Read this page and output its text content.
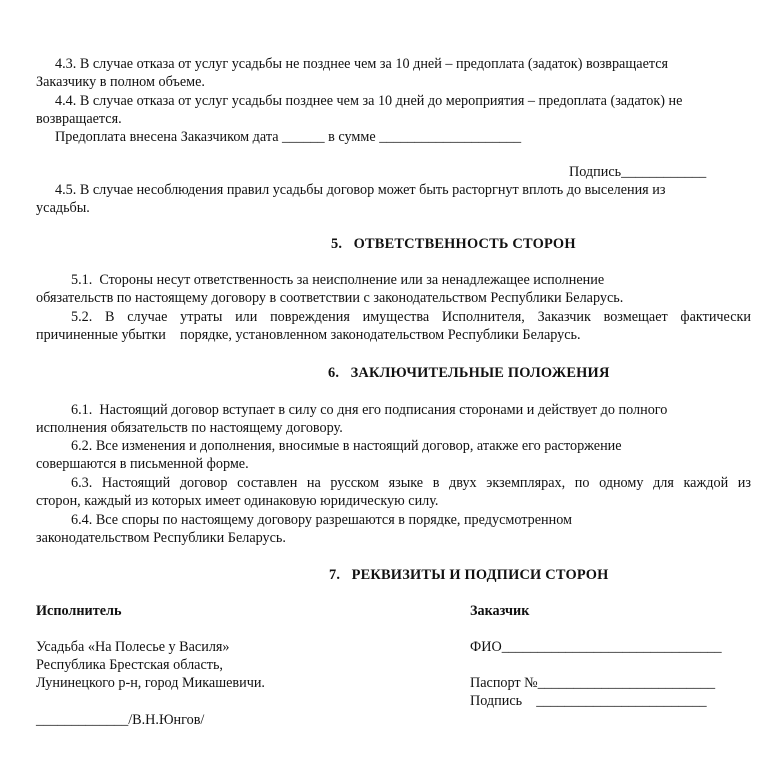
4.3. В случае отказа от услуг усадьбы не позднее чем за 10 дней – предоплата (задаток) возвращается
Заказчику в полном объеме.
4.4. В случае отказа от услуг усадьбы позднее чем за 10 дней до мероприятия – предоплата (задаток) не
возвращается.
Предоплата внесена Заказчиком дата ______ в сумме ____________________
Подпись____________
4.5. В случае несоблюдения правил усадьбы договор может быть расторгнут вплоть до выселения из
усадьбы.
5.   ОТВЕТСТВЕННОСТЬ СТОРОН
5.1.  Стороны несут ответственность за неисполнение или за ненадлежащее исполнение
обязательств по настоящему договору в соответствии с законодательством Республики Беларусь.
5.2. В случае утраты или повреждения имущества Исполнителя, Заказчик возмещает фактически
причиненные убытки    порядке, установленном законодательством Республики Беларусь.
6.   ЗАКЛЮЧИТЕЛЬНЫЕ ПОЛОЖЕНИЯ
6.1.  Настоящий договор вступает в силу со дня его подписания сторонами и действует до полного
исполнения обязательств по настоящему договору.
6.2. Все изменения и дополнения, вносимые в настоящий договор, атакже его расторжение
совершаются в письменной форме.
6.3. Настоящий договор составлен на русском языке в двух экземплярах, по одному для каждой из
сторон, каждый из которых имеет одинаковую юридическую силу.
6.4. Все споры по настоящему договору разрешаются в порядке, предусмотренном
законодательством Республики Беларусь.
7.   РЕКВИЗИТЫ И ПОДПИСИ СТОРОН
Исполнитель
Усадьба «На Полесье у Василя»
Республика Брестская область,
Лунинецкого р-н, город Микашевичи.
_____________/В.Н.Юнгов/
Заказчик
ФИО_______________________________
Паспорт №_________________________
Подпись    ________________________
